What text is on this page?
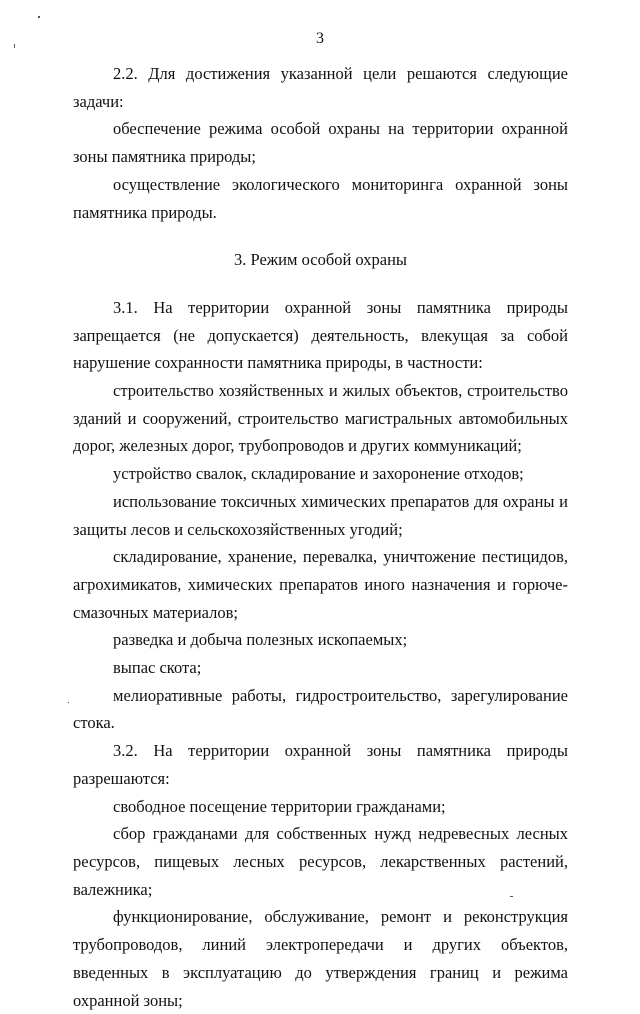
3

2.2. Для достижения указанной цели решаются следующие задачи:

обеспечение режима особой охраны на территории охранной зоны памятника природы;

осуществление экологического мониторинга охранной зоны памятника природы.

3. Режим особой охраны

3.1. На территории охранной зоны памятника природы запрещается (не допускается) деятельность, влекущая за собой нарушение сохранности памятника природы, в частности:

строительство хозяйственных и жилых объектов, строительство зданий и сооружений, строительство магистральных автомобильных дорог, железных дорог, трубопроводов и других коммуникаций;

устройство свалок, складирование и захоронение отходов;

использование токсичных химических препаратов для охраны и защиты лесов и сельскохозяйственных угодий;

складирование, хранение, перевалка, уничтожение пестицидов, агрохимикатов, химических препаратов иного назначения и горюче-смазочных материалов;

разведка и добыча полезных ископаемых;

выпас скота;

мелиоративные работы, гидростроительство, зарегулирование стока.

3.2. На территории охранной зоны памятника природы разрешаются:

свободное посещение территории гражданами;

сбор гражданами для собственных нужд недревесных лесных ресурсов, пищевых лесных ресурсов, лекарственных растений, валежника;

функционирование, обслуживание, ремонт и реконструкция трубопроводов, линий электропередачи и других объектов, введенных в эксплуатацию до утверждения границ и режима охранной зоны;
